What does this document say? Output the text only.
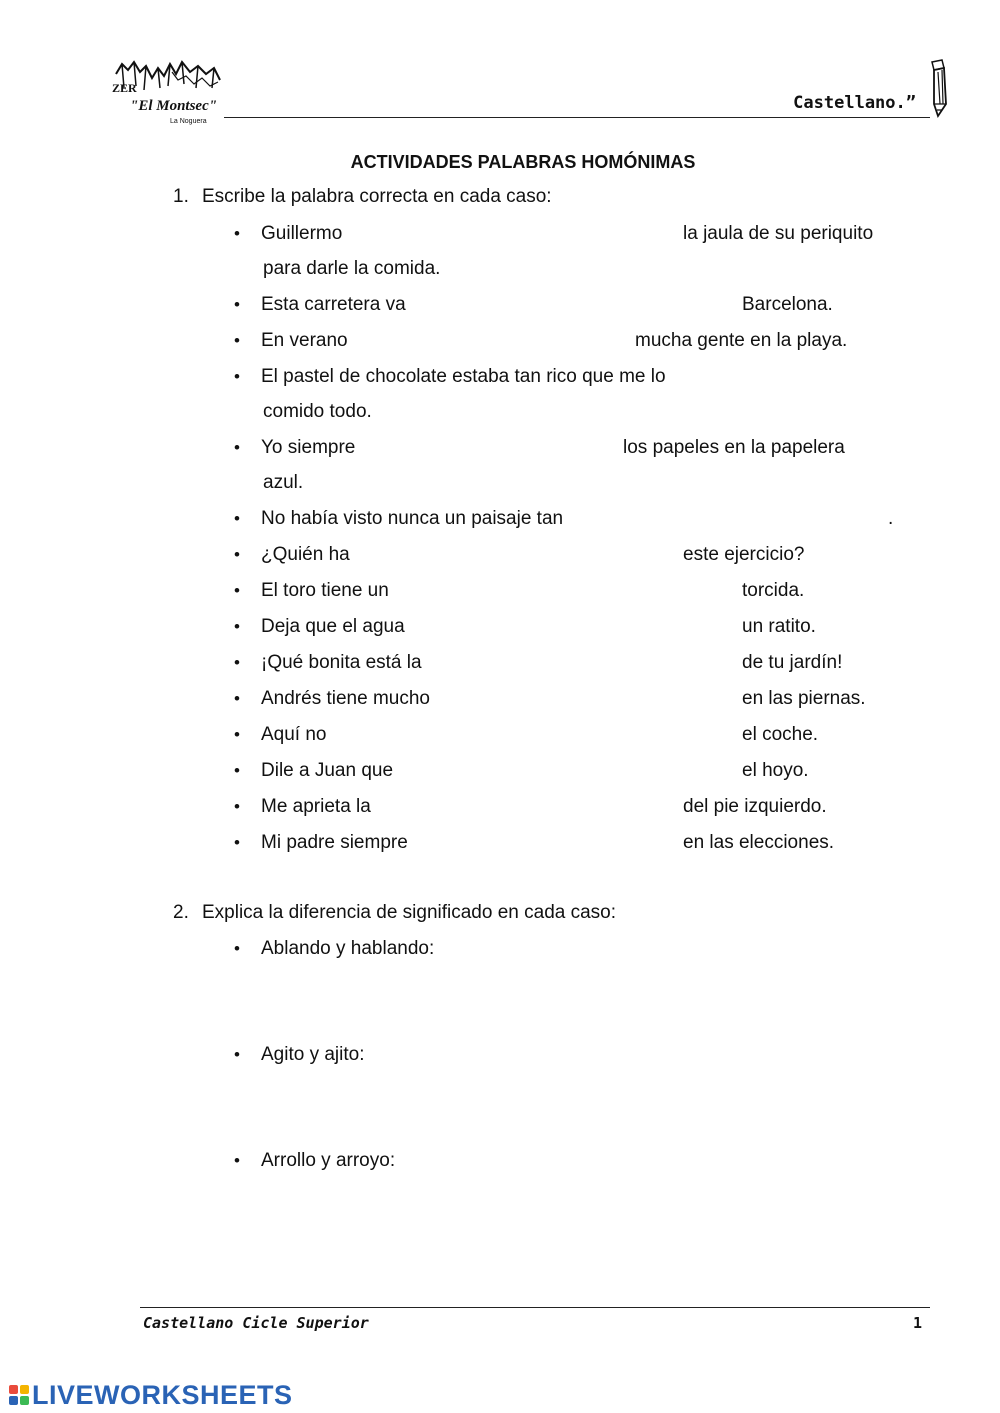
ZER
"El Montsec"
La Noguera
Castellano.”
ACTIVIDADES PALABRAS HOMÓNIMAS
1. Escribe la palabra correcta en cada caso:
• Guillermo	la jaula de su periquito
para darle la comida.
• Esta carretera va	Barcelona.
• En verano	mucha gente en la playa.
• El pastel de chocolate estaba tan rico que me lo
comido todo.
• Yo siempre	los papeles en la papelera
azul.
• No había visto nunca un paisaje tan	.
• ¿Quién ha	este ejercicio?
• El toro tiene un	torcida.
• Deja que el agua	un ratito.
• ¡Qué bonita está la	de tu jardín!
• Andrés tiene mucho	en las piernas.
• Aquí no	el coche.
• Dile a Juan que	el hoyo.
• Me aprieta la	del pie izquierdo.
• Mi padre siempre	en las elecciones.
2. Explica la diferencia de significado en cada caso:
• Ablando y hablando:
• Agito y ajito:
• Arrollo y arroyo:
Castellano Cicle Superior	1
LIVEWORKSHEETS
